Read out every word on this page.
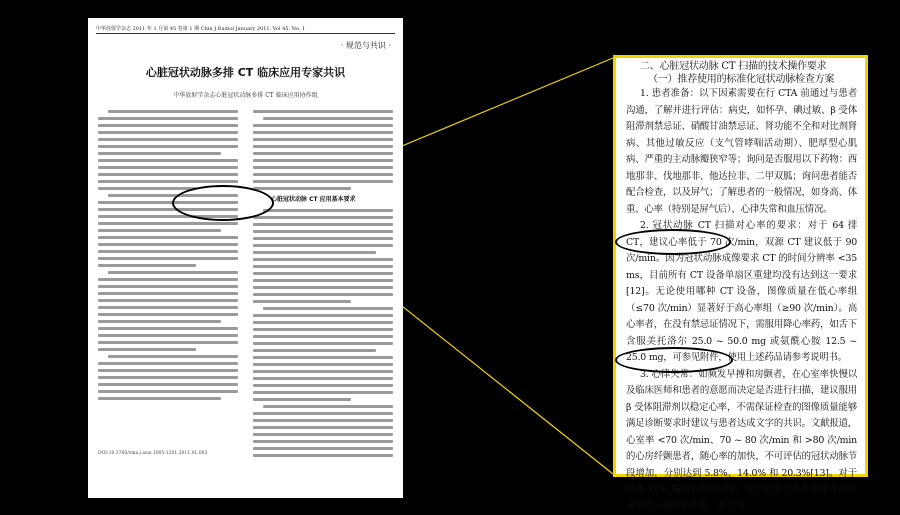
中华放射学杂志 2011 年 1 月第 45 卷第 1 期 Chin J Radiol January 2011, Vol 45, No. 1
· 规范与共识 ·
心脏冠状动脉多排 CT 临床应用专家共识
中华放射学杂志心脏冠状动脉多排 CT 临床应用协作组
心脏冠状动脉 CT 应用基本要求
DOI:10.3760/cma.j.issn.1005-1201.2011.01.003

二、心脏冠状动脉 CT 扫描的技术操作要求

（一）推荐使用的标准化冠状动脉检查方案

1. 患者准备：以下因素需要在行 CTA 前通过与患者沟通，了解并进行评估：病史，如怀孕、碘过敏、β 受体阻滞剂禁忌证、硝酸甘油禁忌证、肾功能不全和对比剂肾病、其他过敏反应（支气管哮喘活动期）、肥厚型心肌病、严重的主动脉瓣狭窄等；询问是否服用以下药物：西地那非、伐地那非、他达拉非、二甲双胍；询问患者能否配合检查，以及屏气；了解患者的一般情况，如身高、体重、心率（特别是屏气后）、心律失常和血压情况。

2. 冠状动脉 CT 扫描对心率的要求：对于 64 排 CT，建议心率低于 70 次/min，双源 CT 建议低于 90 次/min。因为冠状动脉成像要求 CT 的时间分辨率 <35 ms，目前所有 CT 设备单扇区重建均没有达到这一要求[12]。无论使用哪种 CT 设备，图像质量在低心率组（≤70 次/min）显著好于高心率组（≥90 次/min）。高心率者，在没有禁忌证情况下，需服用降心率药，如舌下含服美托洛尔 25.0 ~ 50.0 mg 或氨酰心胺 12.5 ~ 25.0 mg，可参见附件，使用上述药品请参考说明书。

3. 心律失常：如频发早搏和房颤者，在心室率快慢以及临床医师和患者的意愿而决定是否进行扫描，建议服用 β 受体阻滞剂以稳定心率，不需保证检查的图像质量能够满足诊断要求时建议与患者达成文字的共识。文献报道，心室率 <70 次/min、70 ~ 80 次/min 和 >80 次/min 的心房纤颤患者，随心率的加快，不可评估的冠状动脉节段增加，分别达到 5.8%、14.0% 和 20.3%[13]。对于具备 ECG 编辑软件的 CT，也只能部分改善由单发房性或室性早搏等的伪影，难以改
